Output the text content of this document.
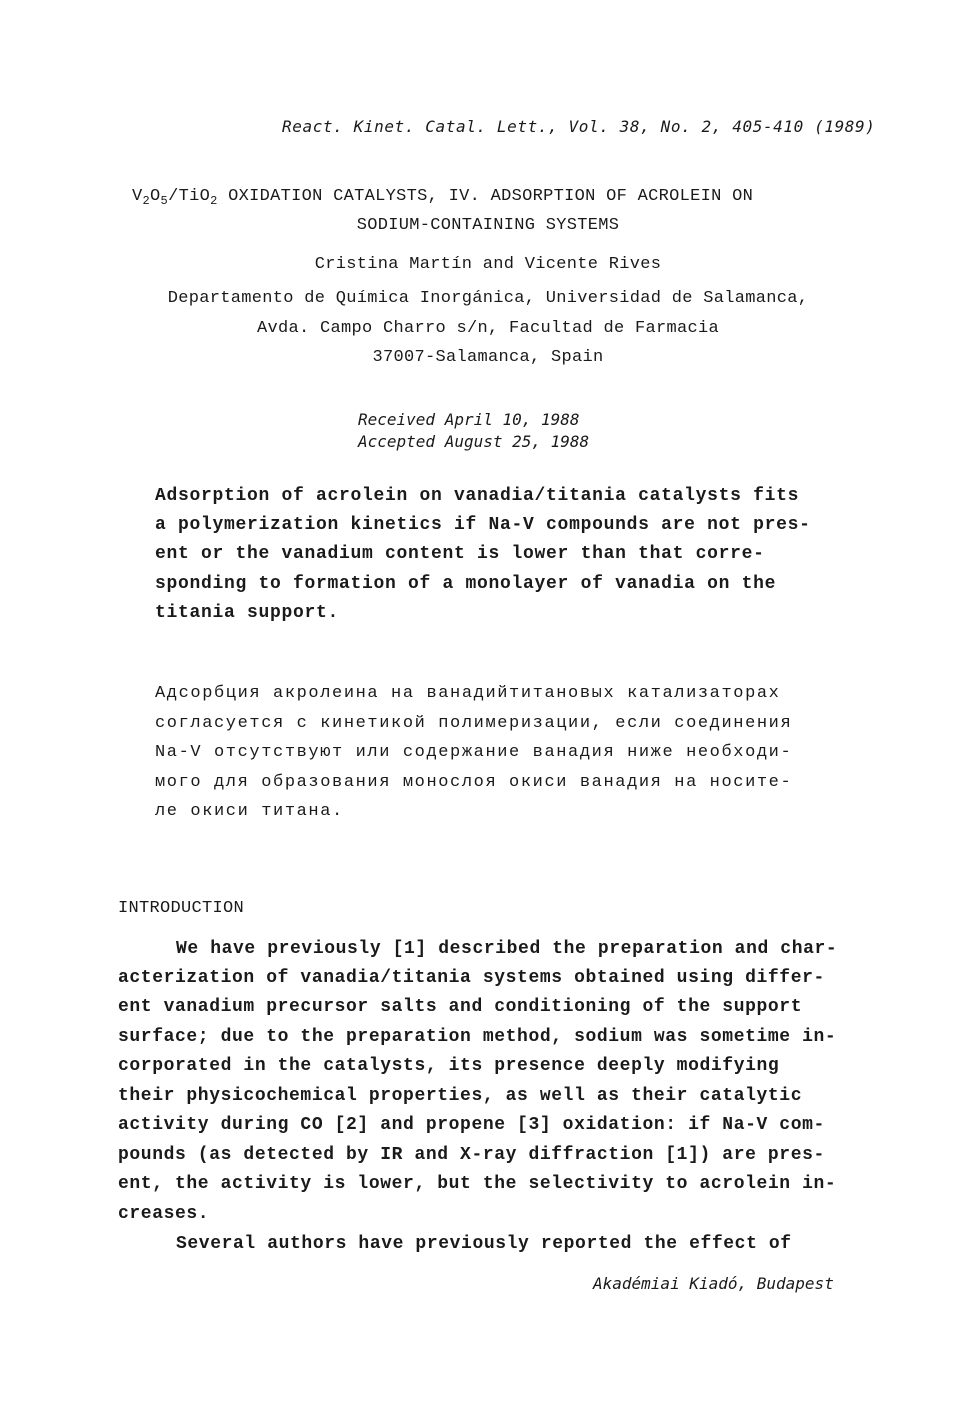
React. Kinet. Catal. Lett., Vol. 38, No. 2, 405-410 (1989)

$V_2O_5/TiO_2$ OXIDATION CATALYSTS, IV. ADSORPTION OF ACROLEIN ON

SODIUM-CONTAINING SYSTEMS

Cristina Martín and Vicente Rives

Departamento de Química Inorgánica, Universidad de Salamanca,

Avda. Campo Charro s/n, Facultad de Farmacia

37007-Salamanca, Spain

Received April 10, 1988

Accepted August 25, 1988

Adsorption of acrolein on vanadia/titania catalysts fits

a polymerization kinetics if Na-V compounds are not pres-

ent or the vanadium content is lower than that corre-

sponding to formation of a monolayer of vanadia on the

titania support.

Адсорбция акролеина на ванадийтитановых катализаторах

согласуется с кинетикой полимеризации, если соединения

Na-V отсутствуют или содержание ванадия ниже необходи-

мого для образования монослоя окиси ванадия на носите-

ле окиси титана.

INTRODUCTION

We have previously [1] described the preparation and char-

acterization of vanadia/titania systems obtained using differ-

ent vanadium precursor salts and conditioning of the support

surface; due to the preparation method, sodium was sometime in-

corporated in the catalysts, its presence deeply modifying

their physicochemical properties, as well as their catalytic

activity during CO [2] and propene [3] oxidation: if Na-V com-

pounds (as detected by IR and X-ray diffraction [1]) are pres-

ent, the activity is lower, but the selectivity to acrolein in-

creases.

Several authors have previously reported the effect of

Akadémiai Kiadó, Budapest
